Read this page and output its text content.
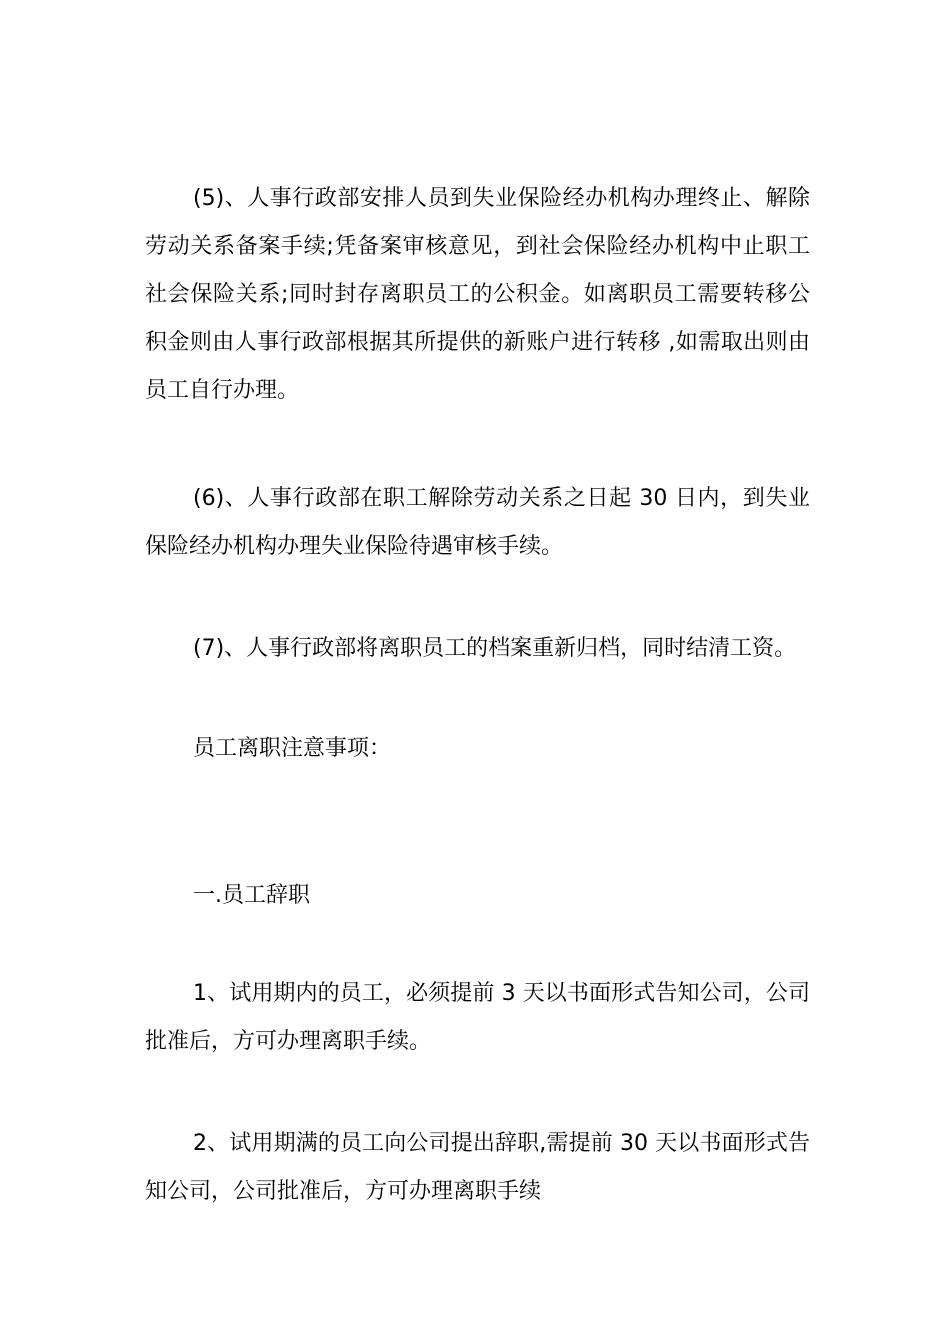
(5)、人事行政部安排人员到失业保险经办机构办理终止、解除劳动关系备案手续;凭备案审核意见，到社会保险经办机构中止职工社会保险关系;同时封存离职员工的公积金。如离职员工需要转移公积金则由人事行政部根据其所提供的新账户进行转移 ,如需取出则由员工自行办理。

(6)、人事行政部在职工解除劳动关系之日起 30 日内，到失业保险经办机构办理失业保险待遇审核手续。

(7)、人事行政部将离职员工的档案重新归档，同时结清工资。

员工离职注意事项：

一.员工辞职

1、试用期内的员工，必须提前 3 天以书面形式告知公司，公司批准后，方可办理离职手续。

2、试用期满的员工向公司提出辞职,需提前 30 天以书面形式告知公司，公司批准后，方可办理离职手续
